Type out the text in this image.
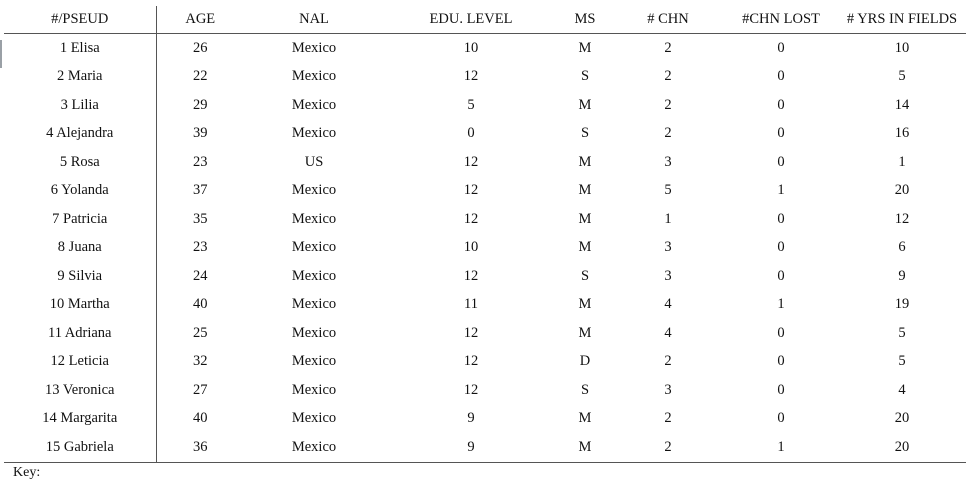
#/PSEUD	AGE	NAL	EDU. LEVEL	MS	# CHN	#CHN LOST	# YRS IN FIELDS
1 Elisa	26	Mexico	10	M	2	0	10
2 Maria	22	Mexico	12	S	2	0	5
3 Lilia	29	Mexico	5	M	2	0	14
4 Alejandra	39	Mexico	0	S	2	0	16
5 Rosa	23	US	12	M	3	0	1
6 Yolanda	37	Mexico	12	M	5	1	20
7 Patricia	35	Mexico	12	M	1	0	12
8 Juana	23	Mexico	10	M	3	0	6
9 Silvia	24	Mexico	12	S	3	0	9
10 Martha	40	Mexico	11	M	4	1	19
11 Adriana	25	Mexico	12	M	4	0	5
12 Leticia	32	Mexico	12	D	2	0	5
13 Veronica	27	Mexico	12	S	3	0	4
14 Margarita	40	Mexico	9	M	2	0	20
15 Gabriela	36	Mexico	9	M	2	1	20
Key:
